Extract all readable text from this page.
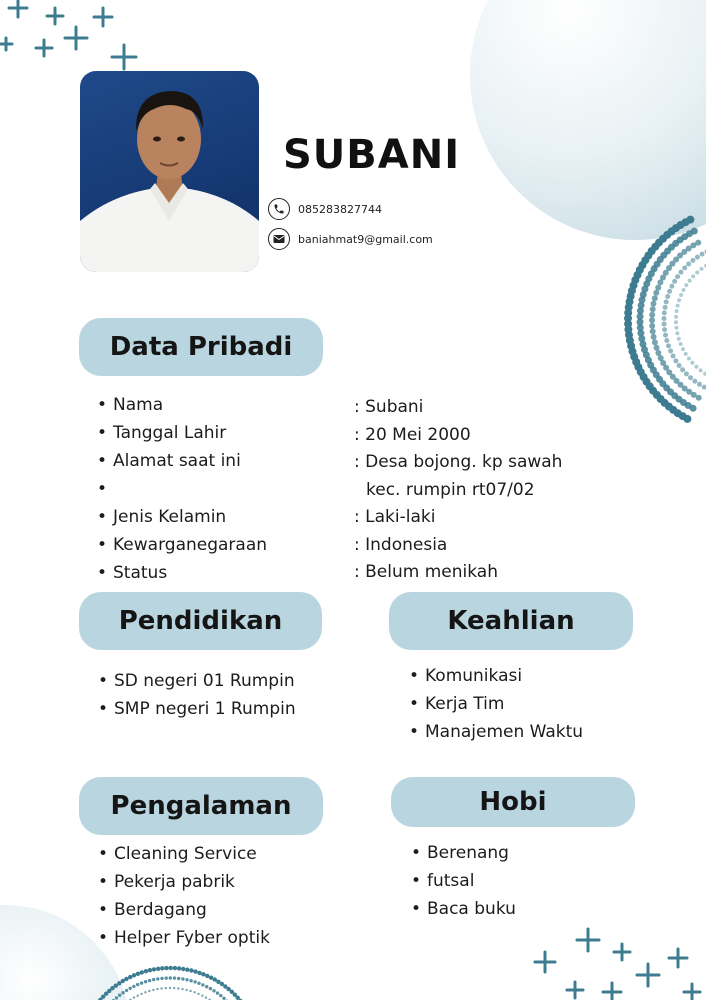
SUBANI
085283827744
baniahmat9@gmail.com
Data Pribadi
• Nama
• Tanggal Lahir
• Alamat saat ini
•
• Jenis Kelamin
• Kewarganegaraan
• Status
: Subani
: 20 Mei 2000
: Desa bojong. kp sawah
kec. rumpin rt07/02
: Laki-laki
: Indonesia
: Belum menikah
Pendidikan
• SD negeri 01 Rumpin
• SMP negeri 1 Rumpin
Keahlian
• Komunikasi
• Kerja Tim
• Manajemen Waktu
Pengalaman
• Cleaning Service
• Pekerja pabrik
• Berdagang
• Helper Fyber optik
Hobi
• Berenang
• futsal
• Baca buku
